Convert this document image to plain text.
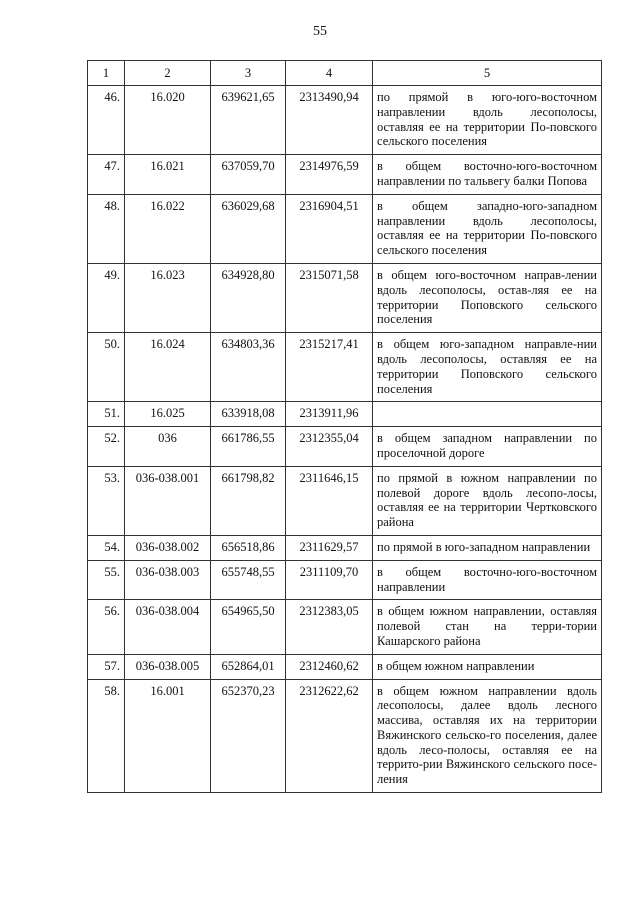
55
1	2	3	4	5
46.	16.020	639621,65	2313490,94	по прямой в юго-юго-восточном направлении вдоль лесополосы, оставляя ее на территории По-повского сельского поселения
47.	16.021	637059,70	2314976,59	в общем восточно-юго-восточном направлении по тальвегу балки Попова
48.	16.022	636029,68	2316904,51	в общем западно-юго-западном направлении вдоль лесополосы, оставляя ее на территории По-повского сельского поселения
49.	16.023	634928,80	2315071,58	в общем юго-восточном направ-лении вдоль лесополосы, остав-ляя ее на территории Поповского сельского поселения
50.	16.024	634803,36	2315217,41	в общем юго-западном направле-нии вдоль лесополосы, оставляя ее на территории Поповского сельского поселения
51.	16.025	633918,08	2313911,96	
52.	036	661786,55	2312355,04	в общем западном направлении по проселочной дороге
53.	036-038.001	661798,82	2311646,15	по прямой в южном направлении по полевой дороге вдоль лесопо-лосы, оставляя ее на территории Чертковского района
54.	036-038.002	656518,86	2311629,57	по прямой в юго-западном направлении
55.	036-038.003	655748,55	2311109,70	в общем восточно-юго-восточном направлении
56.	036-038.004	654965,50	2312383,05	в общем южном направлении, оставляя полевой стан на терри-тории Кашарского района
57.	036-038.005	652864,01	2312460,62	в общем южном направлении
58.	16.001	652370,23	2312622,62	в общем южном направлении вдоль лесополосы, далее вдоль лесного массива, оставляя их на территории Вяжинского сельско-го поселения, далее вдоль лесо-полосы, оставляя ее на террито-рии Вяжинского сельского посе-ления
